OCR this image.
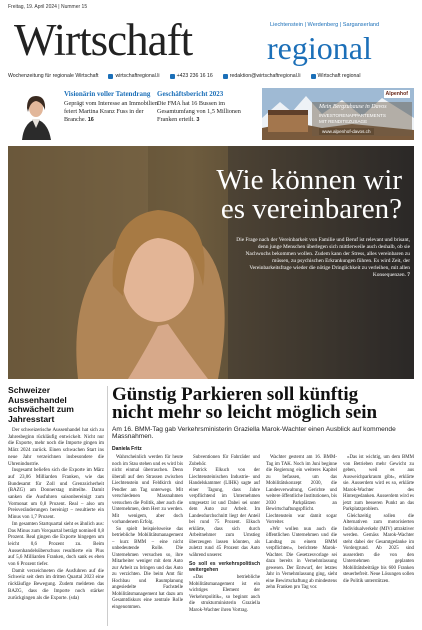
Freitag, 19. April 2024 | Nummer 15
Wirtschaft regional
Liechtenstein | Werdenberg | Sarganserland
Wochenzeitung für regionale Wirtschaft	wirtschaftregional.li	+423 236 16 16	redaktion@wirtschaftregional.li	Wirtschaft regional
Visionärin voller Tatendrang
Geprägt vom Interesse an Immobilien feiert Martina Kranz Fuss in der Branche. 16
Geschäftsbericht 2023
Die FMA hat 16 Bussen im Gesamtumfang von 1,5 Millionen Franken erteilt. 3
Alpenhof
Mein Bergzuhause in Davos
INVESTORENAPPARTEMENTS
MIT RENDITEZUSAGE
www.alpenhof-davos.ch
Wie können wir
es vereinbaren?
Die Frage nach der Vereinbarkeit von Familie und Beruf ist relevant und brisant, denn junge Menschen überlegen sich mittlerweile auch deshalb, ob sie Nachwuchs bekommen wollen. Zudem kann der Stress, alles vereinbaren zu müssen, zu psychischen Erkrankungen führen. Es wird Zeit, der Vereinbarkeitsfrage wieder die nötige Dringlichkeit zu verleihen, mit allen Konsequenzen. 7
Schweizer Aussenhandel schwächelt zum Jahresstart

Der schweizerische Aussenhandel hat sich zu Jahresbeginn rückläufig entwickelt. Nicht nur die Exporte, mehr noch die Importe gingen im März 2024 zurück. Einen schwachen Start ins neue Jahr verzeichnen insbesondere die Uhrenindustrie.

Insgesamt beliefen sich die Exporte im März auf 23,06 Milliarden Franken, wie das Bundesamt für Zoll und Grenzsicherheit (BAZG) am Donnerstag mitteilte. Damit sanken die Ausfuhren saisonbereinigt zum Vormonat um 0,8 Prozent. Real – also um Preisveränderungen bereinigt – resultierte ein Minus von 1,7 Prozent.

Im gesamten Startquartal sieht es ähnlich aus: Das Minus zum Vorquartal beträgt nominell 0,8 Prozent. Real gingen die Exporte hingegen um leicht 0,6 Prozent zu. Beim Aussenhandelsüberschuss resultierte ein Plus auf 5,6 Milliarden Franken, doch sank es eben von 6 Prozent tiefer.

Damit verzeichneten die Ausfuhren auf die Schweiz seit dem im dritten Quartal 2023 eine rückläufige Bewegung. Zudem meldeten das BAZG, dass die Importe noch stärker zurückgingen als die Exporte. (sda)

Günstig Parkieren soll künftig
nicht mehr so leicht möglich sein
Am 16. BMM-Tag gab Verkehrsministerin Graziella Marok-Wachter einen Ausblick auf kommende Massnahmen.
Daniela Fritz

Wahrscheinlich werden für heute noch im Stau stehen und es wird bis nicht einmal überraschen. Denn überall auf den Strassen zwischen Liechtenstein und Feldkirch sind Pendler am Tag unterwegs. Mit verschiedenen Massnahmen versuchen die Politik, aber auch die Unternehmen, dem Herr zu werden. Mit wenigem, aber doch vorhandenem Erfolg.

So spielt beispielsweise das betriebliche Mobilitätsmanagement – kurz BMM – eine nicht unbedeutende Rolle. Die Unternehmen versuchen so, ihre Mitarbeiter weniger mit dem Auto zur Arbeit zu bringen und das Auto zu verzichten. Die beim Amt für Hochbau und Raumplanung angesiedelte Fachstelle Mobilitätsmanagement hat dazu am Gesamtdiskurs eine zentrale Rolle eingenommen.

Subventionen für Fahrräder und Zubehör.

Patrick Elkuch von der Liechtensteinischen Industrie- und Handelskammer (LIHK) sagte auf einer Tagung, dass Jahre verpflichtend im Unternehmen umgesetzt ist und Dabei sei unter dem Auto zur Arbeit. Im Landesdurchschnitt liegt der Anteil bei rund 75 Prozent. Elkuch erklärte, dass sich durch Arbeitnehmer zum Umstieg überzeugen lassen könnten, als zuletzt rund 45 Prozent das Auto während unserer.

So soll es verkehrspolitisch weitergehen

«Das betriebliche Mobilitätsmanagement ist ein wichtiges Element der Verkehrspolitik», so beginnt auch die strukturministerin Graziella Marok-Wachter ihren Vortrag.

Wachter gesternt am 16. BMM-Tag im TAK. Noch im Juni beginne die Regierung ein weiteres Kapitel zu befassen, um das Mobilitätskonzept 2030, die Landesverwaltung, Gerichte und weitere öffentliche Institutionen, bis 2030 Parkplätzen an Bewirtschaftungspflicht. Liechtenstein war damit sogar Vorreiter.

«Wir wollen nun auch die öffentlichen Unternehmen und die Landtag zu einem BMM verpflichten», berichtete Marok-Wachter. Die Gesetzesvorlage sei dazu bereits in Vernehmlassung gewesen. Der Entwurf, der letztes Jahr in Vernehmlassung ging, sieht eine Bewirtschaftung ab mindestens zehn Franken pro Tag vor.

«Das ist wichtig, um dem BMM von Betrieben mehr Gewicht zu geben, weil es aus Ausweichparkraum gibt», erklärte sie. Ausserdem wird es so, erklärte Marok-Wachter des Hintergedanken. Ausserdem wird es jetzt zum besseren Punkt an das Parkplatzproblem.

Gleichzeitig sollen die Alternativen zum motorisierten Individualverkehr (MIV) attraktiver werden. Gemäss Marok-Wachter steht dabei der Gesamtgedanke im Vordergrund. Ab 2025 sind ausserdem die von den Unternehmen geplanten Mobilitätsbeiträge bis 600 Franken steuerbefreit. Neue Lösungen sollen die Politik unterstützen.
